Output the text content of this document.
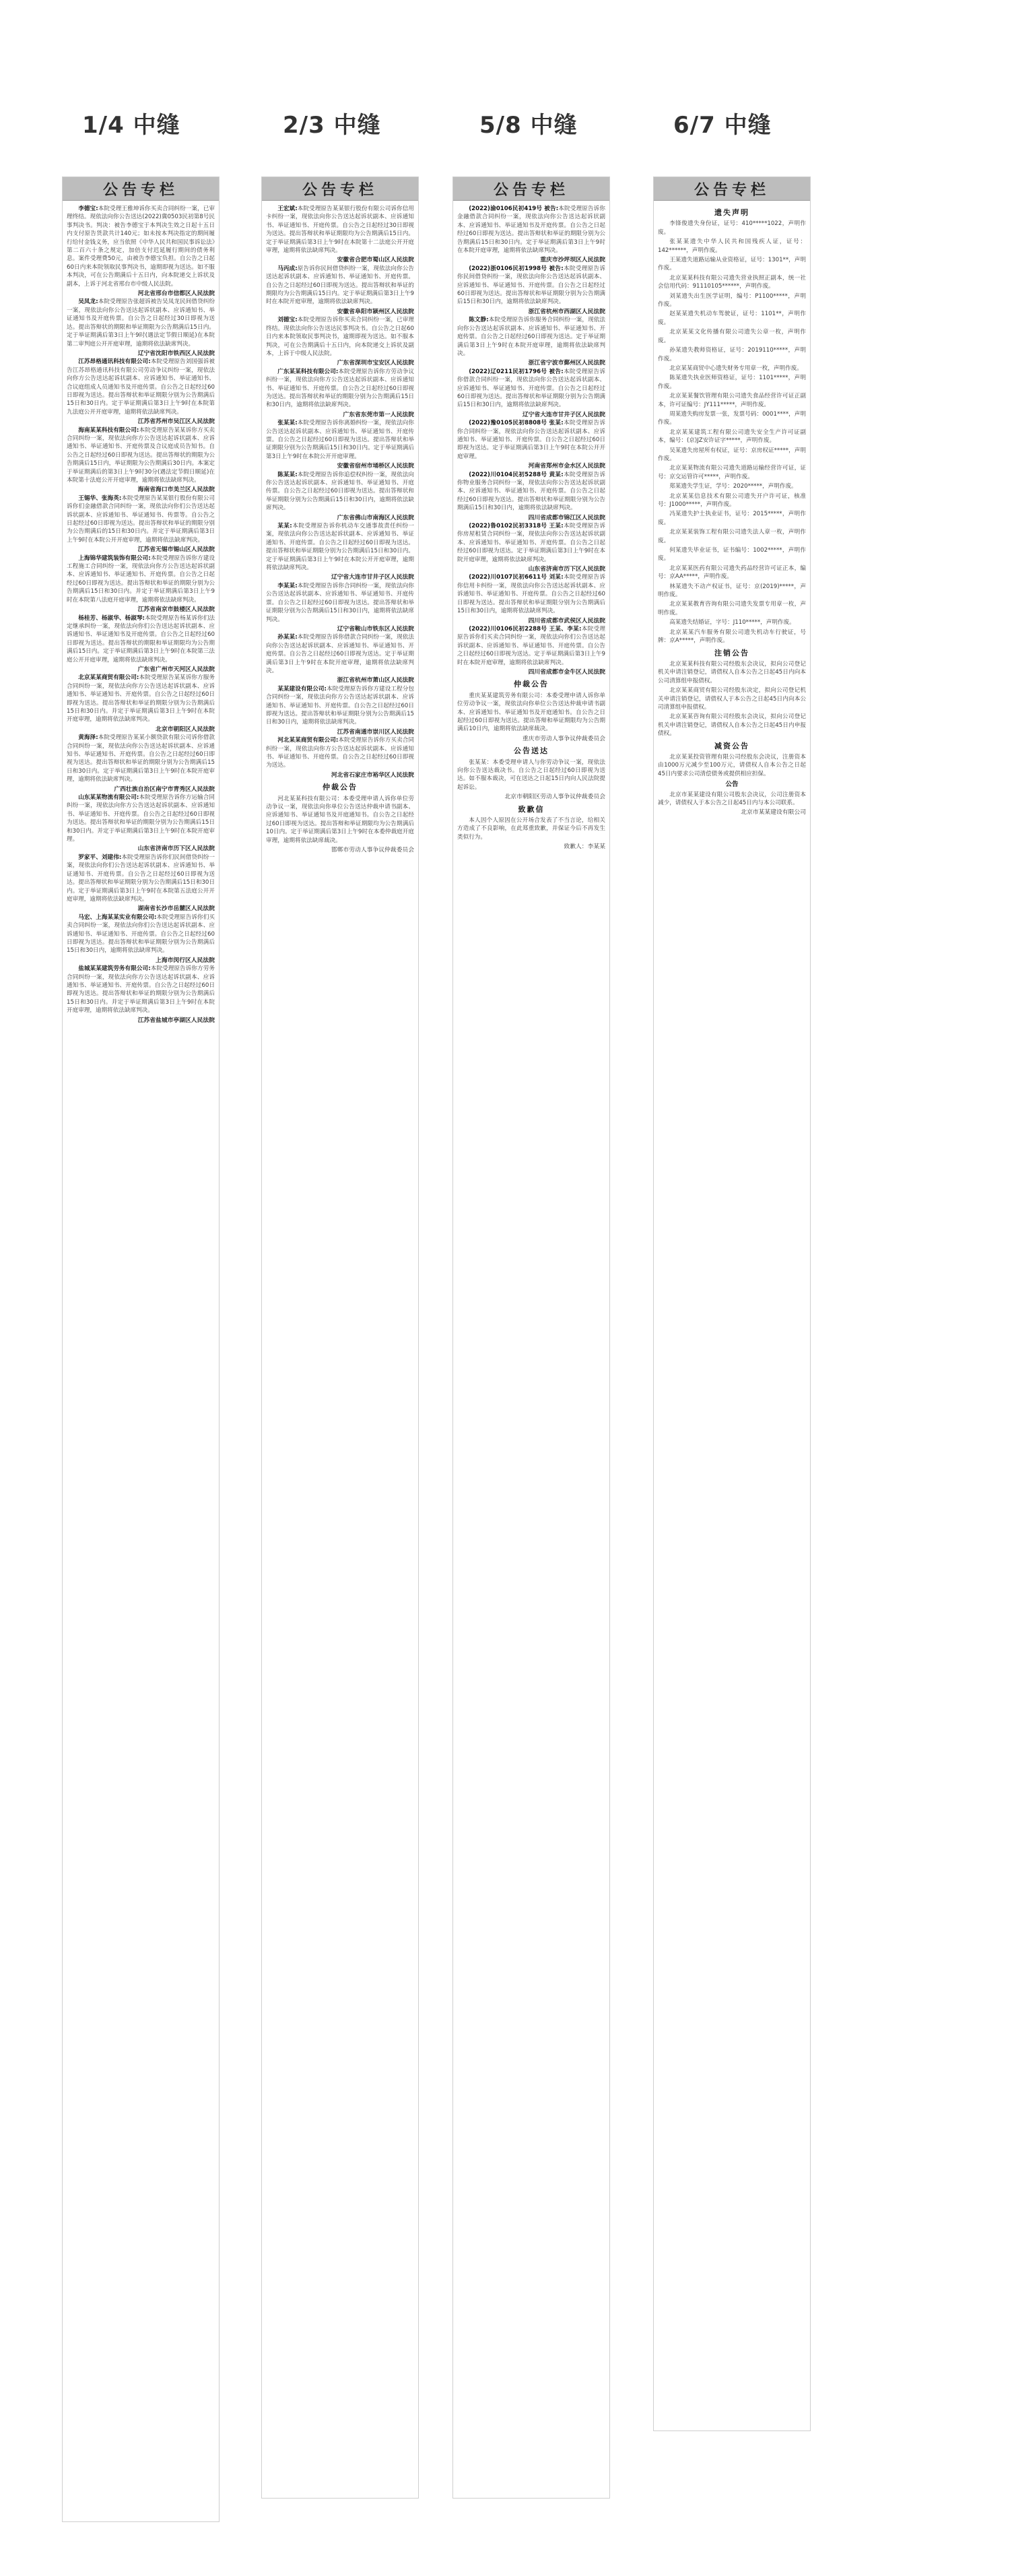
1/4 中缝
公告专栏

李德宝:本院受理王雅坤诉你买卖合同纠纷一案，已审理终结。现依法向你公告送达(2022)冀0503民初第8号民事判决书。判决：被告李德宝于本判决生效之日起十五日内支付原告货款共计140元；如未按本判决指定的期间履行给付金钱义务，应当依照《中华人民共和国民事诉讼法》第二百六十条之规定，加倍支付迟延履行期间的债务利息。案件受理费50元，由被告李德宝负担。自公告之日起60日内来本院领取民事判决书，逾期即视为送达。如不服本判决，可在公告期满后十五日内，向本院递交上诉状及副本，上诉于河北省邢台市中级人民法院。

河北省邢台市信都区人民法院

吴凤龙:本院受理原告张超诉被告吴凤龙民间借贷纠纷一案，现依法向你公告送达起诉状副本、应诉通知书、举证通知书及开庭传票。自公告之日起经过30日即视为送达。提出答辩状的期限和举证期限为公告期满后15日内。定于举证期满后第3日上午9时(遇法定节假日顺延)在本院第二审判庭公开开庭审理，逾期将依法缺席判决。

辽宁省沈阳市铁西区人民法院

江苏昂格通讯科技有限公司:本院受理原告刘国强诉被告江苏昂格通讯科技有限公司劳动争议纠纷一案，现依法向你方公告送达起诉状副本、应诉通知书、举证通知书、合议庭组成人员通知书及开庭传票。自公告之日起经过60日即视为送达。提出答辩状和举证期限分别为公告期满后15日和30日内。定于举证期满后第3日上午9时在本院第九法庭公开开庭审理，逾期将依法缺席判决。

江苏省苏州市吴江区人民法院

海南某某科技有限公司:本院受理原告某某诉你方买卖合同纠纷一案，现依法向你方公告送达起诉状副本、应诉通知书、举证通知书、开庭传票及合议庭成员告知书。自公告之日起经过60日即视为送达。提出答辩状的期限为公告期满后15日内，举证期限为公告期满后30日内。本案定于举证期满后的第3日上午9时30分(遇法定节假日顺延)在本院第十法庭公开开庭审理，逾期将依法缺席判决。

海南省海口市美兰区人民法院

王锡华、张海英:本院受理原告某某银行股份有限公司诉你们金融借款合同纠纷一案，现依法向你们公告送达起诉状副本、应诉通知书、举证通知书、传票等。自公告之日起经过60日即视为送达。提出答辩状和举证的期限分别为公告期满后的15日和30日内。并定于举证期满后第3日上午9时在本院公开开庭审理，逾期将依法缺席判决。

江苏省无锡市锡山区人民法院

上海锦华建筑装饰有限公司:本院受理原告诉你方建设工程施工合同纠纷一案，现依法向你方公告送达起诉状副本、应诉通知书、举证通知书、开庭传票。自公告之日起经过60日即视为送达。提出答辩状和举证的期限分别为公告期满后15日和30日内。并定于举证期满后第3日上午9时在本院第八法庭开庭审理，逾期将依法缺席判决。

江苏省南京市鼓楼区人民法院

杨桂芳、杨淑华、杨淑琴:本院受理原告杨某诉你们法定继承纠纷一案，现依法向你们公告送达起诉状副本、应诉通知书、举证通知书及开庭传票。自公告之日起经过60日即视为送达。提出答辩状的期限和举证期限均为公告期满后15日内。定于举证期满后第3日上午9时在本院第三法庭公开开庭审理，逾期将依法缺席判决。

广东省广州市天河区人民法院

北京某某商贸有限公司:本院受理原告某某诉你方服务合同纠纷一案，现依法向你方公告送达起诉状副本、应诉通知书、举证通知书、开庭传票。自公告之日起经过60日即视为送达。提出答辩状和举证的期限分别为公告期满后15日和30日内。并定于举证期满后第3日上午9时在本院开庭审理，逾期将依法缺席判决。

北京市朝阳区人民法院

黄海泽:本院受理原告某某小额贷款有限公司诉你借款合同纠纷一案，现依法向你公告送达起诉状副本、应诉通知书、举证通知书、开庭传票。自公告之日起经过60日即视为送达。提出答辩状和举证的期限分别为公告期满后15日和30日内。定于举证期满后第3日上午9时在本院开庭审理，逾期将依法缺席判决。

广西壮族自治区南宁市青秀区人民法院

山东某某物流有限公司:本院受理原告诉你方运输合同纠纷一案，现依法向你方公告送达起诉状副本、应诉通知书、举证通知书、开庭传票。自公告之日起经过60日即视为送达。提出答辩状和举证的期限分别为公告期满后15日和30日内。并定于举证期满后第3日上午9时在本院开庭审理。

山东省济南市历下区人民法院

罗家平、刘建伟:本院受理原告诉你们民间借贷纠纷一案，现依法向你们公告送达起诉状副本、应诉通知书、举证通知书、开庭传票。自公告之日起经过60日即视为送达。提出答辩状和举证期限分别为公告期满后15日和30日内。定于举证期满后第3日上午9时在本院第五法庭公开开庭审理，逾期将依法缺席判决。

湖南省长沙市岳麓区人民法院

马宏、上海某某实业有限公司:本院受理原告诉你们买卖合同纠纷一案，现依法向你们公告送达起诉状副本、应诉通知书、举证通知书、开庭传票。自公告之日起经过60日即视为送达。提出答辩状和举证期限分别为公告期满后15日和30日内，逾期将依法缺席判决。

上海市闵行区人民法院

盐城某某建筑劳务有限公司:本院受理原告诉你方劳务合同纠纷一案，现依法向你方公告送达起诉状副本、应诉通知书、举证通知书、开庭传票。自公告之日起经过60日即视为送达。提出答辩状和举证的期限分别为公告期满后15日和30日内。并定于举证期满后第3日上午9时在本院开庭审理，逾期将依法缺席判决。

江苏省盐城市亭湖区人民法院
2/3 中缝
公告专栏

王宏斌:本院受理原告某某银行股份有限公司诉你信用卡纠纷一案，现依法向你公告送达起诉状副本、应诉通知书、举证通知书、开庭传票。自公告之日起经过30日即视为送达。提出答辩状和举证期限均为公告期满后15日内。定于举证期满后第3日上午9时在本院第十二法庭公开开庭审理，逾期将依法缺席判决。

安徽省合肥市蜀山区人民法院

马丙成:原告诉你民间借贷纠纷一案，现依法向你公告送达起诉状副本、应诉通知书、举证通知书、开庭传票。自公告之日起经过60日即视为送达。提出答辩状和举证的期限均为公告期满后15日内。定于举证期满后第3日上午9时在本院开庭审理，逾期将依法缺席判决。

安徽省阜阳市颍州区人民法院

刘德宝:本院受理原告诉你买卖合同纠纷一案，已审理终结。现依法向你公告送达民事判决书。自公告之日起60日内来本院领取民事判决书，逾期即视为送达。如不服本判决，可在公告期满后十五日内，向本院递交上诉状及副本，上诉于中级人民法院。

广东省深圳市宝安区人民法院

广东某某科技有限公司:本院受理原告诉你方劳动争议纠纷一案，现依法向你方公告送达起诉状副本、应诉通知书、举证通知书、开庭传票。自公告之日起经过60日即视为送达。提出答辩状和举证的期限分别为公告期满后15日和30日内，逾期将依法缺席判决。

广东省东莞市第一人民法院

张某某:本院受理原告诉你离婚纠纷一案，现依法向你公告送达起诉状副本、应诉通知书、举证通知书、开庭传票。自公告之日起经过60日即视为送达。提出答辩状和举证期限分别为公告期满后15日和30日内。定于举证期满后第3日上午9时在本院公开开庭审理。

安徽省宿州市埇桥区人民法院

陈某某:本院受理原告诉你追偿权纠纷一案，现依法向你公告送达起诉状副本、应诉通知书、举证通知书、开庭传票。自公告之日起经过60日即视为送达。提出答辩状和举证期限分别为公告期满后15日和30日内，逾期将依法缺席判决。

广东省佛山市南海区人民法院

某某:本院受理原告诉你机动车交通事故责任纠纷一案，现依法向你公告送达起诉状副本、应诉通知书、举证通知书、开庭传票。自公告之日起经过60日即视为送达。提出答辩状和举证期限分别为公告期满后15日和30日内。定于举证期满后第3日上午9时在本院公开开庭审理，逾期将依法缺席判决。

辽宁省大连市甘井子区人民法院

李某某:本院受理原告诉你合同纠纷一案，现依法向你公告送达起诉状副本、应诉通知书、举证通知书、开庭传票。自公告之日起经过60日即视为送达。提出答辩状和举证期限分别为公告期满后15日和30日内，逾期将依法缺席判决。

辽宁省鞍山市铁东区人民法院

孙某某:本院受理原告诉你借款合同纠纷一案，现依法向你公告送达起诉状副本、应诉通知书、举证通知书、开庭传票。自公告之日起经过60日即视为送达。定于举证期满后第3日上午9时在本院开庭审理，逾期将依法缺席判决。

浙江省杭州市萧山区人民法院

某某建设有限公司:本院受理原告诉你方建设工程分包合同纠纷一案，现依法向你方公告送达起诉状副本、应诉通知书、举证通知书、开庭传票。自公告之日起经过60日即视为送达。提出答辩状和举证期限分别为公告期满后15日和30日内，逾期将依法缺席判决。

江苏省南通市崇川区人民法院

河北某某商贸有限公司:本院受理原告诉你方买卖合同纠纷一案，现依法向你方公告送达起诉状副本、应诉通知书、举证通知书、开庭传票。自公告之日起经过60日即视为送达。

河北省石家庄市裕华区人民法院
仲裁公告

河北某某科技有限公司：本委受理申请人诉你单位劳动争议一案，现依法向你单位公告送达仲裁申请书副本、应诉通知书、举证通知书及开庭通知书。自公告之日起经过60日即视为送达。提出答辩和举证期限均为公告期满后10日内。定于举证期满后第3日上午9时在本委仲裁庭开庭审理，逾期将依法缺席裁决。

邯郸市劳动人事争议仲裁委员会
5/8 中缝
公告专栏

(2022)渝0106民初419号 被告:本院受理原告诉你金融借款合同纠纷一案，现依法向你公告送达起诉状副本、应诉通知书、举证通知书及开庭传票。自公告之日起经过60日即视为送达。提出答辩状和举证的期限分别为公告期满后15日和30日内。定于举证期满后第3日上午9时在本院开庭审理，逾期将依法缺席判决。

重庆市沙坪坝区人民法院

(2022)浙0106民初1998号 被告:本院受理原告诉你民间借贷纠纷一案，现依法向你公告送达起诉状副本、应诉通知书、举证通知书、开庭传票。自公告之日起经过60日即视为送达。提出答辩状和举证期限分别为公告期满后15日和30日内，逾期将依法缺席判决。

浙江省杭州市西湖区人民法院

陈文静:本院受理原告诉你服务合同纠纷一案，现依法向你公告送达起诉状副本、应诉通知书、举证通知书、开庭传票。自公告之日起经过60日即视为送达。定于举证期满后第3日上午9时在本院开庭审理，逾期将依法缺席判决。

浙江省宁波市鄞州区人民法院

(2022)辽0211民初1796号 被告:本院受理原告诉你借款合同纠纷一案，现依法向你公告送达起诉状副本、应诉通知书、举证通知书、开庭传票。自公告之日起经过60日即视为送达。提出答辩状和举证期限分别为公告期满后15日和30日内，逾期将依法缺席判决。

辽宁省大连市甘井子区人民法院

(2022)豫0105民初8808号 张某:本院受理原告诉你合同纠纷一案，现依法向你公告送达起诉状副本、应诉通知书、举证通知书、开庭传票。自公告之日起经过60日即视为送达。定于举证期满后第3日上午9时在本院公开开庭审理。

河南省郑州市金水区人民法院

(2022)川0104民初5288号 黄某:本院受理原告诉你物业服务合同纠纷一案，现依法向你公告送达起诉状副本、应诉通知书、举证通知书、开庭传票。自公告之日起经过60日即视为送达。提出答辩状和举证期限分别为公告期满后15日和30日内，逾期将依法缺席判决。

四川省成都市锦江区人民法院

(2022)鲁0102民初3318号 王某:本院受理原告诉你房屋租赁合同纠纷一案，现依法向你公告送达起诉状副本、应诉通知书、举证通知书、开庭传票。自公告之日起经过60日即视为送达。定于举证期满后第3日上午9时在本院开庭审理，逾期将依法缺席判决。

山东省济南市历下区人民法院

(2022)川0107民初6611号 刘某:本院受理原告诉你信用卡纠纷一案，现依法向你公告送达起诉状副本、应诉通知书、举证通知书、开庭传票。自公告之日起经过60日即视为送达。提出答辩状和举证期限分别为公告期满后15日和30日内，逾期将依法缺席判决。

四川省成都市武侯区人民法院

(2022)川0106民初2288号 王某、李某:本院受理原告诉你们买卖合同纠纷一案，现依法向你们公告送达起诉状副本、应诉通知书、举证通知书、开庭传票。自公告之日起经过60日即视为送达。定于举证期满后第3日上午9时在本院开庭审理，逾期将依法缺席判决。

四川省成都市金牛区人民法院
仲裁公告

重庆某某建筑劳务有限公司：本委受理申请人诉你单位劳动争议一案，现依法向你单位公告送达仲裁申请书副本、应诉通知书、举证通知书及开庭通知书。自公告之日起经过60日即视为送达。提出答辩和举证期限均为公告期满后10日内，逾期将依法缺席裁决。

重庆市劳动人事争议仲裁委员会
公告送达

张某某：本委受理申请人与你劳动争议一案，现依法向你公告送达裁决书。自公告之日起经过60日即视为送达。如不服本裁决，可在送达之日起15日内向人民法院提起诉讼。

北京市朝阳区劳动人事争议仲裁委员会
致歉信

本人因个人原因在公开场合发表了不当言论，给相关方造成了不良影响，在此郑重致歉，并保证今后不再发生类似行为。

致歉人：李某某
6/7 中缝
公告专栏
遗失声明

李锋俊遗失身份证，证号：410*****1022，声明作废。

张某某遗失中华人民共和国残疾人证，证号：142******，声明作废。

王某遗失道路运输从业资格证，证号：1301**，声明作废。

北京某某科技有限公司遗失营业执照正副本，统一社会信用代码：91110105******，声明作废。

刘某遗失出生医学证明，编号：P1100*****，声明作废。

赵某某遗失机动车驾驶证，证号：1101**，声明作废。

北京某某文化传播有限公司遗失公章一枚，声明作废。

孙某遗失教师资格证，证号：2019110*****，声明作废。

北京某某商贸中心遗失财务专用章一枚，声明作废。

陈某遗失执业医师资格证，证号：1101*****，声明作废。

北京某某餐饮管理有限公司遗失食品经营许可证正副本，许可证编号：JY111*****，声明作废。

周某遗失购房发票一张，发票号码：0001****，声明作废。

北京某某建筑工程有限公司遗失安全生产许可证副本，编号：(京)JZ安许证字*****，声明作废。

吴某遗失房屋所有权证，证号：京房权证*****，声明作废。

北京某某物流有限公司遗失道路运输经营许可证，证号：京交运管许可*****，声明作废。

郑某遗失学生证，学号：2020*****，声明作废。

北京某某信息技术有限公司遗失开户许可证，核准号：J1000*****，声明作废。

冯某遗失护士执业证书，证号：2015*****，声明作废。

北京某某装饰工程有限公司遗失法人章一枚，声明作废。

何某遗失毕业证书，证书编号：1002*****，声明作废。

北京某某医药有限公司遗失药品经营许可证正本，编号：京AA*****，声明作废。

林某遗失不动产权证书，证号：京(2019)*****，声明作废。

北京某某教育咨询有限公司遗失发票专用章一枚，声明作废。

高某遗失结婚证，字号：J110*****，声明作废。

北京某某汽车服务有限公司遗失机动车行驶证，号牌：京A*****，声明作废。

注销公告

北京某某科技有限公司经股东会决议，拟向公司登记机关申请注销登记，请债权人自本公告之日起45日内向本公司清算组申报债权。

北京某某商贸有限公司经股东决定，拟向公司登记机关申请注销登记，请债权人于本公告之日起45日内向本公司清算组申报债权。

北京某某咨询有限公司经股东会决议，拟向公司登记机关申请注销登记，请债权人自本公告之日起45日内申报债权。

减资公告

北京某某投资管理有限公司经股东会决议，注册资本由1000万元减少至100万元，请债权人自本公告之日起45日内要求公司清偿债务或提供相应担保。

公告

北京市某某建设有限公司股东会决议，公司注册资本减少，请债权人于本公告之日起45日内与本公司联系。

北京市某某建设有限公司
